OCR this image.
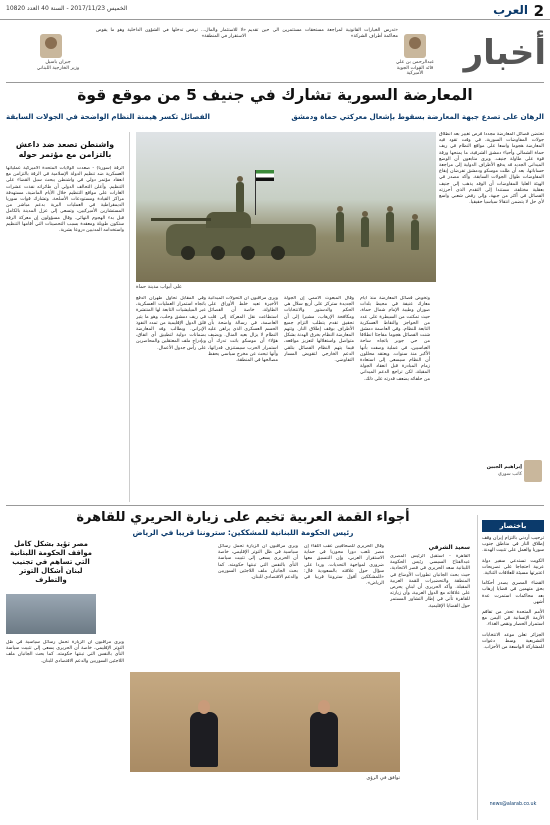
2
العرب
الخميس 2017/11/23 - السنة 40 العدد 10820
أخبار
«تدرس الخيارات القانونية لمراجعة مستحقات مستثمرين الى حين تقديم محاكمة أطراف الشركة»
عبدالرحمن بن علي
قائد القوات الجوية الأميركية
«لا للاستثمار والمال... نرفض تدخلها في الشؤون الداخلية وهو ما يقوض الاستقرار في المنطقة»
جبران باسيل
وزير الخارجية اللبناني
المعارضة السورية تشارك في جنيف 5 من موقع قوة
الرهان على تصدع جبهة المعارضة بسقوط بإشعال معركتي حماة ودمشق
الفصائل تكسر هيمنة النظام الواضحة في الجولات السابقة
تحتضن فصائل المعارضة مجددا فرص تغيير بعد انطلاق جولات المفاوضات السورية، في وقت تقود فيه المعارضة هجوما واسعا على مواقع النظام في ريف حماة الشمالي وأحياء دمشق الشرقية، ما يمنحها ورقة قوة على طاولة جنيف. ويرى متابعون أن الوضع الميداني الجديد قد يدفع الأطراف الدولية إلى مراجعة حساباتها، بعد أن ظلت موسكو ودمشق تفرضان إيقاع المفاوضات طوال الجولات السابقة. وأكد مصدر في الهيئة العليا للمفاوضات أن الوفد يذهب إلى جنيف بعقلية مختلفة، مستندا إلى التقدم الذي أحرزته الفصائل في أكثر من جبهة، وإلى رفض شعبي واسع لأي حل لا يتضمن انتقالا سياسيا حقيقيا.
على أبواب مدينة حماة
واشنطن تصعد ضد داعش بالتزامن مع مؤتمر حوله
الرقة (سوريا) - صعدت الولايات المتحدة الأميركية عملياتها العسكرية ضد تنظيم الدولة الإسلامية في الرقة بالتزامن مع انعقاد مؤتمر دولي في واشنطن يبحث سبل القضاء على التنظيم. وأعلن التحالف الدولي أن طائراته نفذت عشرات الغارات على مواقع التنظيم خلال الأيام الماضية، مستهدفة مراكز القيادة ومستودعات الأسلحة. وتشارك قوات سوريا الديمقراطية في العمليات البرية بدعم مباشر من المستشارين الأميركيين، وتسعى إلى عزل المدينة بالكامل قبل بدء الهجوم النهائي. وقال مسؤولون إن معركة الرقة ستكون طويلة ومعقدة بسبب التحصينات التي أقامها التنظيم واستخدامه المدنيين دروعا بشرية.
وتخوض فصائل المعارضة منذ أيام معارك عنيفة في محيط بلدات صوران وطيبة الإمام شمال حماة، حيث تمكنت من السيطرة على عدد من الحواجز والنقاط العسكرية التابعة للنظام. وفي العاصمة دمشق شنت الفصائل هجوما مفاجئا انطلاقا من حي جوبر باتجاه ساحة العباسيين، في عملية وصفت بأنها الأكبر منذ سنوات. ويعتقد محللون أن النظام سيسعى إلى استعادة زمام المبادرة قبل انعقاد الجولة المقبلة، لكن تراجع الدعم الميداني من حلفائه يضعف قدرته على ذلك.
وقال المبعوث الأممي إن الجولة الجديدة ستركز على أربع سلال هي الحكم والدستور والانتخابات ومكافحة الإرهاب، مشيرا إلى أن تحقيق تقدم يتطلب التزام جميع الأطراف بوقف إطلاق النار. وتتهم المعارضة النظام بخرق الهدنة بشكل متواصل واستغلالها لتعزيز مواقعه، فيما يتهم النظام الفصائل بتلقي الدعم الخارجي لتقويض المسار التفاوضي.
ويرى مراقبون أن التحولات الميدانية الأخيرة تعيد خلط الأوراق على الطاولة، خاصة أن الفصائل استطاعت نقل المعركة إلى قلب العاصمة، في رسالة واضحة بأن الحسم العسكري الذي يراهن عليه النظام لا يزال بعيد المنال. ويضيف هؤلاء أن موسكو باتت تدرك أن استمرار الحرب سيستنزف قدراتها، وأنها تبحث عن مخرج سياسي يحفظ مصالحها في المنطقة.
وفي المقابل تحاول طهران الدفع باتجاه استمرار العمليات العسكرية، عبر الميليشيات التابعة لها المنتشرة في ريف دمشق وحلب، وهو ما يثير قلق الدول الإقليمية من تمدد النفوذ الإيراني. ويطالب وفد المعارضة بضمانات دولية لتطبيق أي اتفاق، وبإدراج ملف المعتقلين والمحاصرين على رأس جدول الأعمال.
إبراهيم الجبين
كاتب سوري
أجواء القمة العربية تخيم على زيارة الحريري للقاهرة
رئيس الحكومة اللبنانية للمشككين: ستروننا قريبا في الرياض
سعيد الشرقي
القاهرة - استقبل الرئيس المصري عبدالفتاح السيسي رئيس الحكومة اللبنانية سعد الحريري في قصر الاتحادية، حيث بحث الجانبان تطورات الأوضاع في المنطقة والتحضيرات للقمة العربية المقبلة. وأكد الحريري أن لبنان يحرص على علاقاته مع الدول العربية، وأن زيارته للقاهرة تأتي في إطار التشاور المستمر حول القضايا الإقليمية.
وقال الحريري للصحافيين عقب اللقاء إن مصر تلعب دورا محوريا في حماية الاستقرار العربي، وإن التنسيق معها ضروري لمواجهة التحديات. وردا على سؤال حول علاقته بالسعودية قال: «للمشككين أقول ستروننا قريبا في الرياض».
ويرى مراقبون أن الزيارة تحمل رسائل سياسية في ظل التوتر الإقليمي، خاصة أن الحريري يسعى إلى تثبيت سياسة النأي بالنفس التي تبنتها حكومته. كما بحث الجانبان ملف اللاجئين السوريين والدعم الاقتصادي للبنان.
توافق في الرؤى
مصر تؤيد بشكل كامل مواقف الحكومة اللبنانية التي تساهم في تجنيب لبنان أشكال التوتر والتطرف
ويرى مراقبون أن الزيارة تحمل رسائل سياسية في ظل التوتر الإقليمي، خاصة أن الحريري يسعى إلى تثبيت سياسة النأي بالنفس التي تبنتها حكومته. كما بحث الجانبان ملف اللاجئين السوريين والدعم الاقتصادي للبنان.
باختصار
ترحيب أردني بالتزام إيران وقف إطلاق النار في مناطق جنوب سوريا والعمل على تثبيت الهدنة.
الكويت تستدعي سفير دولة عربية احتجاجا على تصريحات اعتبرتها مسيئة للعلاقات الثنائية.
القضاء المصري يصدر أحكاما بحق متهمين في قضايا إرهاب بعد محاكمات استمرت عدة أشهر.
الأمم المتحدة تحذر من تفاقم الأزمة الإنسانية في اليمن مع استمرار الحصار ونقص الغذاء.
الجزائر تعلن موعد الانتخابات التشريعية وسط دعوات للمشاركة الواسعة من الأحزاب.
news@alarab.co.uk
